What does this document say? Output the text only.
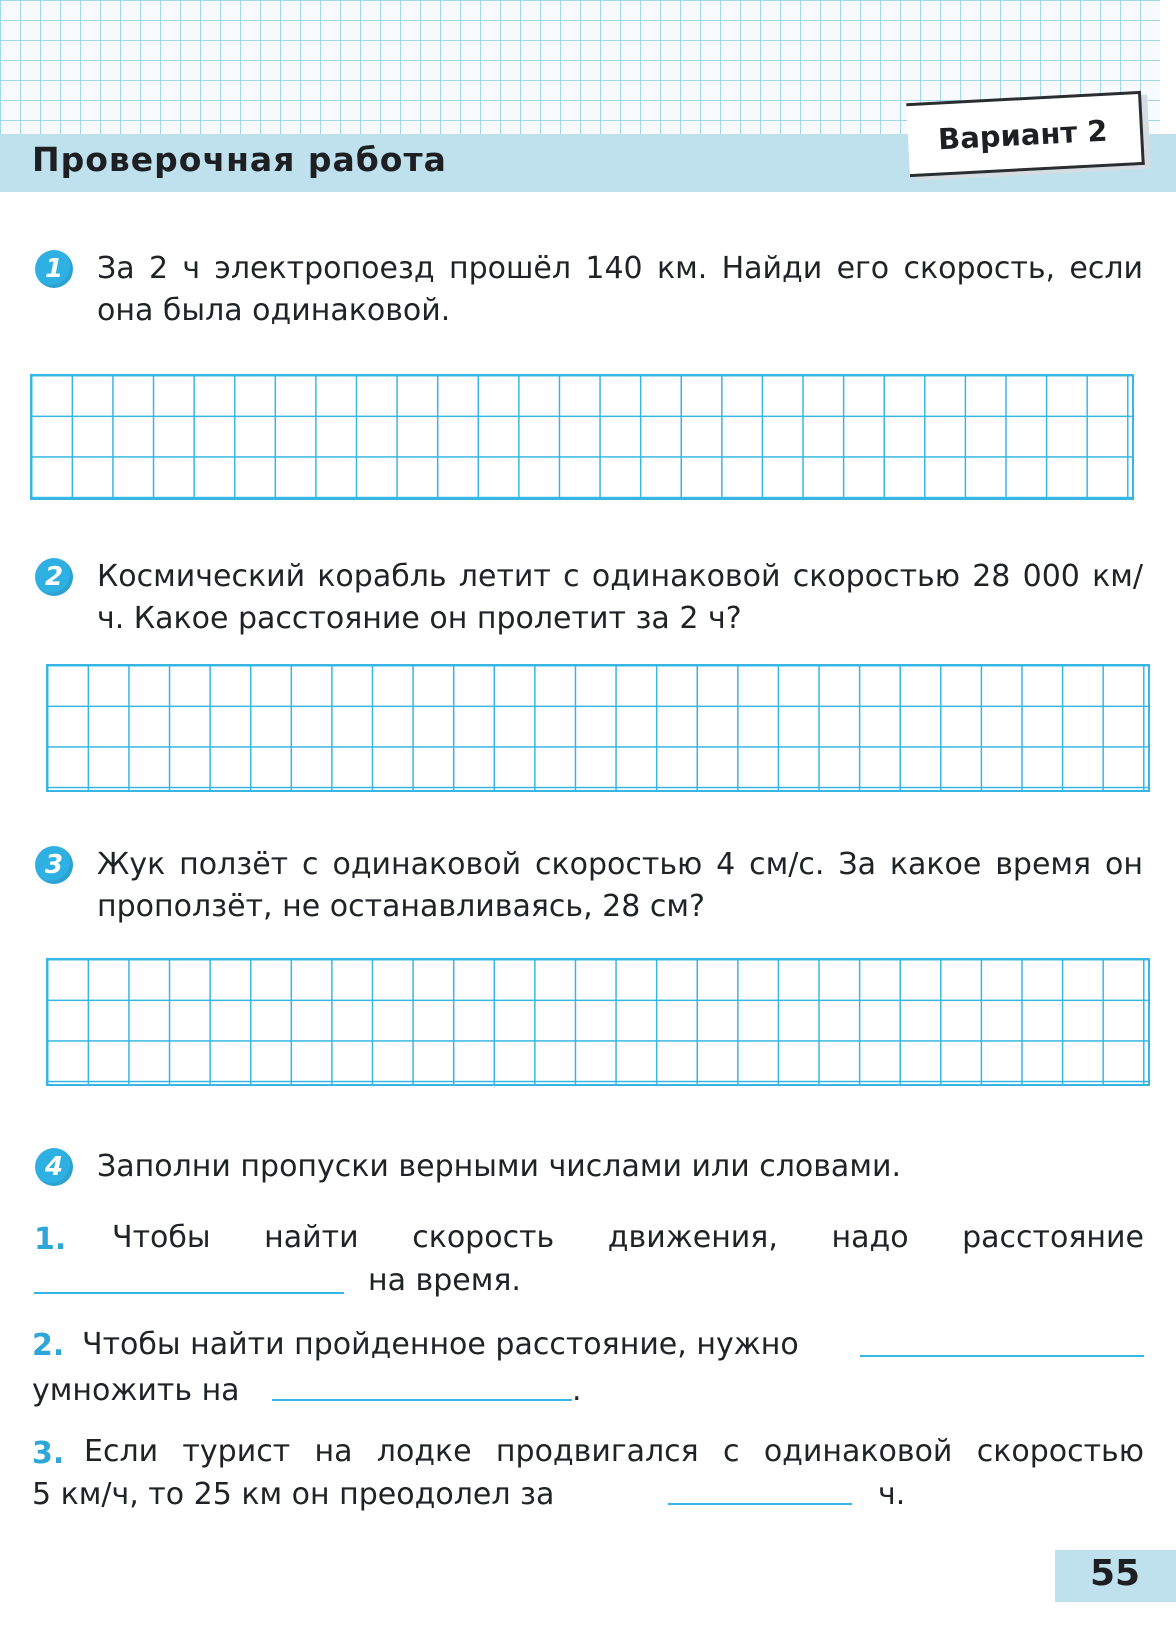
Проверочная работа
Вариант 2
1	За 2 ч электропоезд прошёл 140 км. Найди его скорость, если она была одинаковой.
2	Космический корабль летит с одинаковой скоростью 28 000 км/ч. Какое расстояние он пролетит за 2 ч?
3	Жук ползёт с одинаковой скоростью 4 см/с. За какое время он проползёт, не останавливаясь, 28 см?
4	Заполни пропуски верными числами или словами.
1. Чтобы найти скорость движения, надо расстояние
на время.
2. Чтобы найти пройденное расстояние, нужно
умножить на	.
3. Если турист на лодке продвигался с одинаковой скоростью
5 км/ч, то 25 км он преодолел за	ч.
55
